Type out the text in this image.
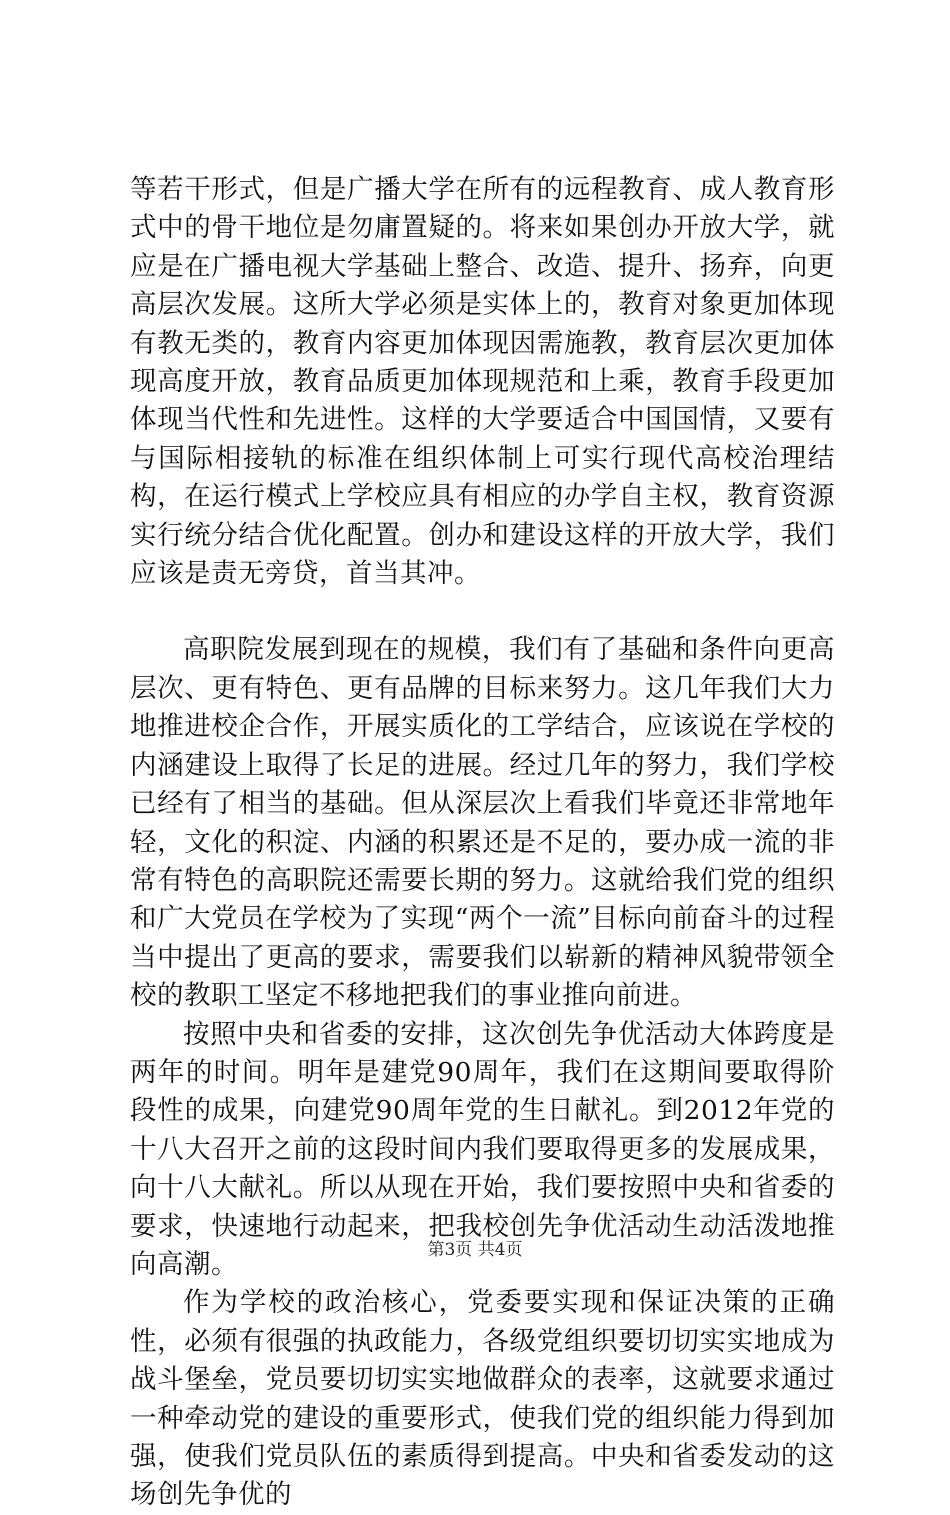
等若干形式，但是广播大学在所有的远程教育、成人教育形式中的骨干地位是勿庸置疑的。将来如果创办开放大学，就应是在广播电视大学基础上整合、改造、提升、扬弃，向更高层次发展。这所大学必须是实体上的，教育对象更加体现有教无类的，教育内容更加体现因需施教，教育层次更加体现高度开放，教育品质更加体现规范和上乘，教育手段更加体现当代性和先进性。这样的大学要适合中国国情，又要有与国际相接轨的标准在组织体制上可实行现代高校治理结构，在运行模式上学校应具有相应的办学自主权，教育资源实行统分结合优化配置。创办和建设这样的开放大学，我们应该是责无旁贷，首当其冲。

高职院发展到现在的规模，我们有了基础和条件向更高层次、更有特色、更有品牌的目标来努力。这几年我们大力地推进校企合作，开展实质化的工学结合，应该说在学校的内涵建设上取得了长足的进展。经过几年的努力，我们学校已经有了相当的基础。但从深层次上看我们毕竟还非常地年轻，文化的积淀、内涵的积累还是不足的，要办成一流的非常有特色的高职院还需要长期的努力。这就给我们党的组织和广大党员在学校为了实现“两个一流”目标向前奋斗的过程当中提出了更高的要求，需要我们以崭新的精神风貌带领全校的教职工坚定不移地把我们的事业推向前进。

按照中央和省委的安排，这次创先争优活动大体跨度是两年的时间。明年是建党90周年，我们在这期间要取得阶段性的成果，向建党90周年党的生日献礼。到2012年党的十八大召开之前的这段时间内我们要取得更多的发展成果，向十八大献礼。所以从现在开始，我们要按照中央和省委的要求，快速地行动起来，把我校创先争优活动生动活泼地推向高潮。

作为学校的政治核心，党委要实现和保证决策的正确性，必须有很强的执政能力，各级党组织要切切实实地成为战斗堡垒，党员要切切实实地做群众的表率，这就要求通过一种牵动党的建设的重要形式，使我们党的组织能力得到加强，使我们党员队伍的素质得到提高。中央和省委发动的这场创先争优的

第3页 共4页
